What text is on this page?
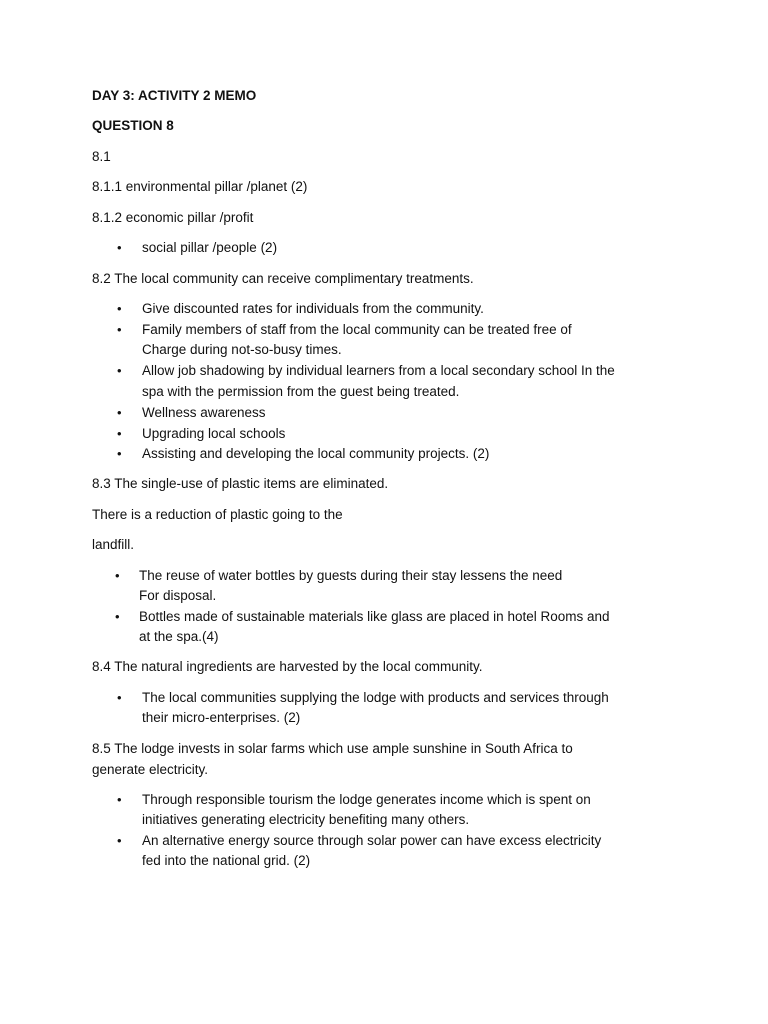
DAY 3: ACTIVITY 2 MEMO
QUESTION 8
8.1
8.1.1 environmental pillar /planet (2)
8.1.2 economic pillar /profit
• social pillar /people (2)
8.2 The local community can receive complimentary treatments.
• Give discounted rates for individuals from the community.
• Family members of staff from the local community can be treated free of
Charge during not-so-busy times.
• Allow job shadowing by individual learners from a local secondary school In the
spa with the permission from the guest being treated.
• Wellness awareness
• Upgrading local schools
• Assisting and developing the local community projects. (2)
8.3 The single-use of plastic items are eliminated.
There is a reduction of plastic going to the
landfill.
• The reuse of water bottles by guests during their stay lessens the need
For disposal.
• Bottles made of sustainable materials like glass are placed in hotel Rooms and
at the spa.(4)
8.4 The natural ingredients are harvested by the local community.
• The local communities supplying the lodge with products and services through
their micro-enterprises. (2)
8.5 The lodge invests in solar farms which use ample sunshine in South Africa to
generate electricity.
• Through responsible tourism the lodge generates income which is spent on
initiatives generating electricity benefiting many others.
• An alternative energy source through solar power can have excess electricity
fed into the national grid. (2)
